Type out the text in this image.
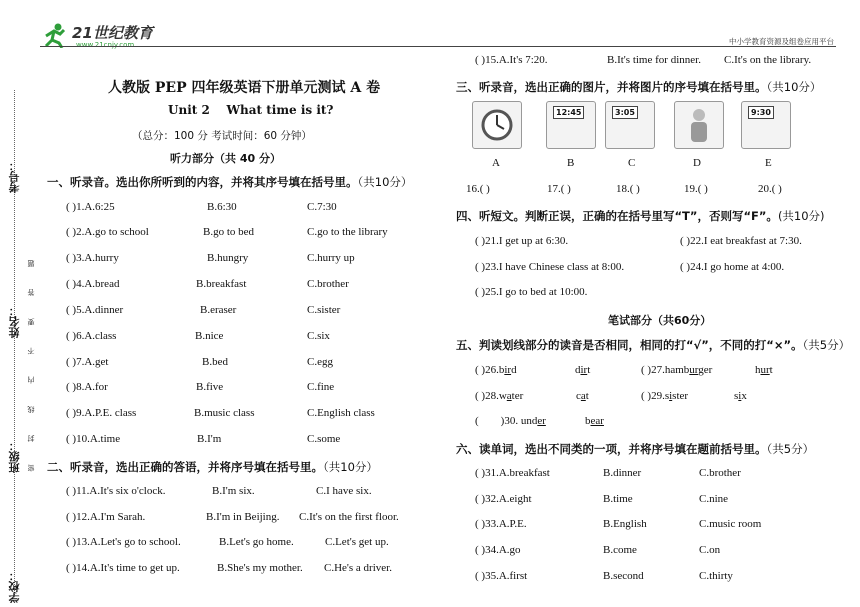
21世纪教育
www.21cnjy.com	中小学教育资源及组卷应用平台
考号：
姓名：
班级：
学校：
密 封 线 内 不 要 答 题
人教版 PEP 四年级英语下册单元测试 A 卷
Unit 2    What time is it?
（总分：100 分 考试时间：60 分钟）
听力部分（共 40 分）
一、听录音。选出你所听到的内容，并将其序号填在括号里。（共10分）
( )1.A.6:25	B.6:30	C.7:30
( )2.A.go to school	B.go to bed	C.go to the library
( )3.A.hurry	B.hungry	C.hurry up
( )4.A.bread	B.breakfast	C.brother
( )5.A.dinner	B.eraser	C.sister
( )6.A.class	B.nice	C.six
( )7.A.get	B.bed	C.egg
( )8.A.for	B.five	C.fine
( )9.A.P.E. class	B.music class	C.English class
( )10.A.time	B.I'm	C.some
二、听录音，选出正确的答语，并将序号填在括号里。（共10分）
( )11.A.It's six o'clock.	B.I'm six.	C.I have six.
( )12.A.I'm Sarah.	B.I'm in Beijing. C.It's on the first floor.
( )13.A.Let's go to school.	B.Let's go home.	C.Let's get up.
( )14.A.It's time to get up.	B.She's my mother. C.He's a driver.
( )15.A.It's 7:20.	B.It's time for dinner. C.It's on the library.
三、听录音，选出正确的图片，并将图片的序号填在括号里。（共10分）
12:45	3:05	9:30
A	B	C	D	E
16.( )	17.( )	18.( )	19.( )	20.( )
四、听短文。判断正误，正确的在括号里写“T”，否则写“F”。(共10分)
( )21.I get up at 6:30.	( )22.I eat breakfast at 7:30.
( )23.I have Chinese class at 8:00.	( )24.I go home at 4:00.
( )25.I go to bed at 10:00.
笔试部分（共60分）
五、判读划线部分的读音是否相同，相同的打“√”，不同的打“×”。（共5分）
( )26.bird	dirt	( )27.hamburger	hurt
( )28.water	cat	( )29.sister	six
(        )30. under	bear
六、读单词，选出不同类的一项，并将序号填在题前括号里。（共5分）
( )31.A.breakfast	B.dinner	C.brother
( )32.A.eight	B.time	C.nine
( )33.A.P.E.	B.English	C.music room
( )34.A.go	B.come	C.on
( )35.A.first	B.second	C.thirty
